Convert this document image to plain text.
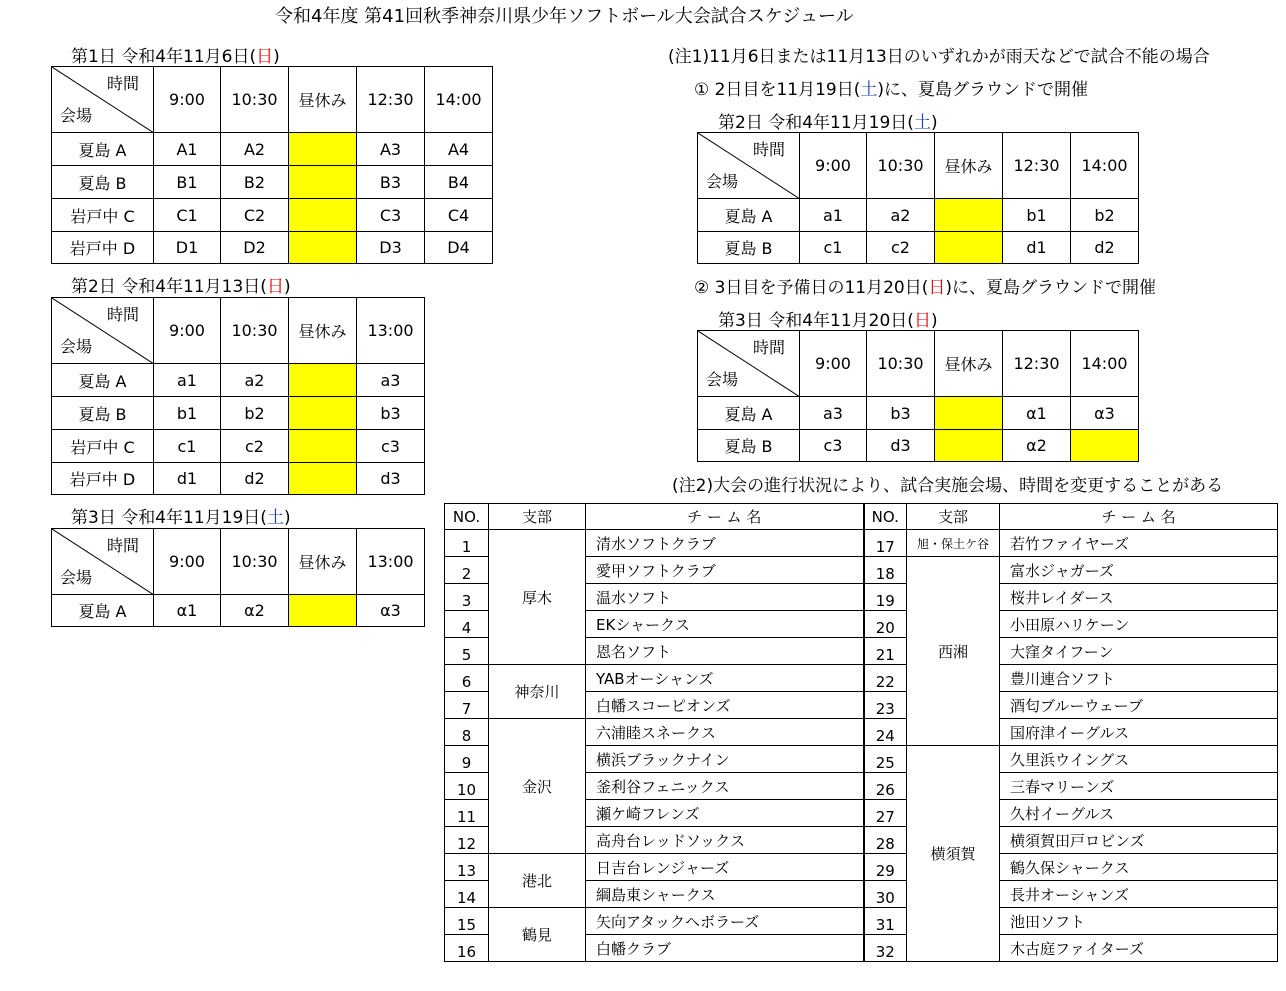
令和4年度 第41回秋季神奈川県少年ソフトボール大会試合スケジュール
第1日 令和4年11月6日(日)
時間
会場	9:00	10:30	昼休み	12:30	14:00
夏島 A	A1	A2		A3	A4
夏島 B	B1	B2		B3	B4
岩戸中 C	C1	C2		C3	C4
岩戸中 D	D1	D2		D3	D4
第2日 令和4年11月13日(日)
時間
会場	9:00	10:30	昼休み	13:00
夏島 A	a1	a2		a3
夏島 B	b1	b2		b3
岩戸中 C	c1	c2		c3
岩戸中 D	d1	d2		d3
第3日 令和4年11月19日(土)
時間
会場	9:00	10:30	昼休み	13:00
夏島 A	α1	α2		α3
(注1)11月6日または11月13日のいずれかが雨天などで試合不能の場合
① 2日目を11月19日(土)に、夏島グラウンドで開催
第2日 令和4年11月19日(土)
時間
会場	9:00	10:30	昼休み	12:30	14:00
夏島 A	a1	a2		b1	b2
夏島 B	c1	c2		d1	d2
② 3日目を予備日の11月20日(日)に、夏島グラウンドで開催
第3日 令和4年11月20日(日)
時間
会場	9:00	10:30	昼休み	12:30	14:00
夏島 A	a3	b3		α1	α3
夏島 B	c3	d3		α2	
(注2)大会の進行状況により、試合実施会場、時間を変更することがある
NO.	支部	チ ー ム 名	NO.	支部	チ ー ム 名
1	厚木	清水ソフトクラブ	17	旭・保土ケ谷	若竹ファイヤーズ
2		愛甲ソフトクラブ	18	西湘	富水ジャガーズ
3		温水ソフト	19		桜井レイダース
4		EKシャークス	20		小田原ハリケーン
5		恩名ソフト	21		大窪タイフーン
6	神奈川	YABオーシャンズ	22		豊川連合ソフト
7		白幡スコーピオンズ	23		酒匂ブルーウェーブ
8	金沢	六浦睦スネークス	24		国府津イーグルス
9		横浜ブラックナイン	25	横須賀	久里浜ウイングス
10		釜利谷フェニックス	26		三春マリーンズ
11		瀬ケ崎フレンズ	27		久村イーグルス
12		高舟台レッドソックス	28		横須賀田戸ロビンズ
13	港北	日吉台レンジャーズ	29		鶴久保シャークス
14		綱島東シャークス	30		長井オーシャンズ
15	鶴見	矢向アタックヘボラーズ	31		池田ソフト
16		白幡クラブ	32		木古庭ファイターズ
